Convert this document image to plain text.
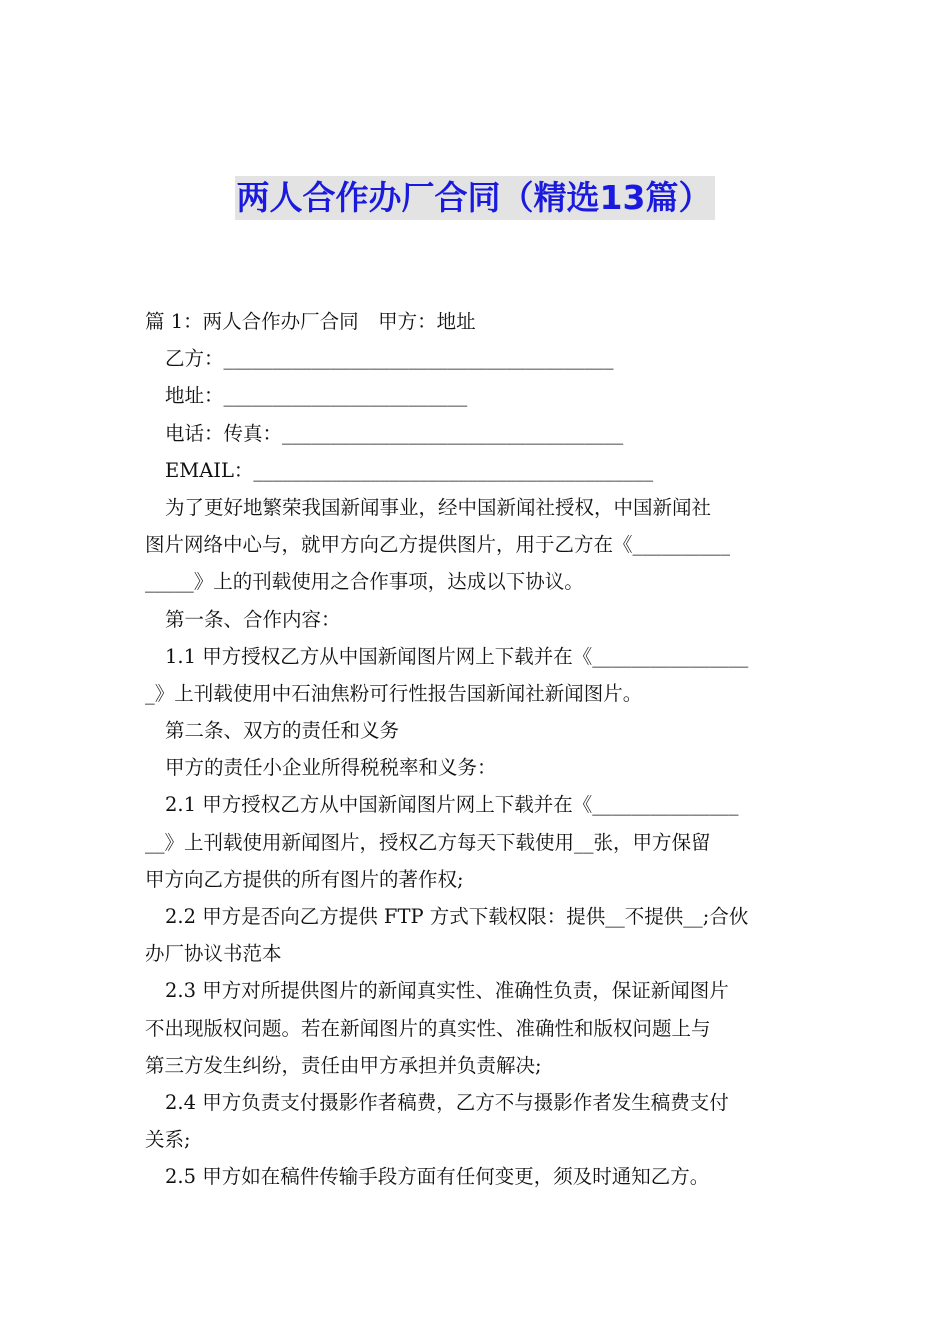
两人合作办厂合同（精选13篇）
篇 1：两人合作办厂合同　甲方：地址
乙方：________________________________________
地址：_________________________
电话：传真：___________________________________
EMAIL：_________________________________________
为了更好地繁荣我国新闻事业，经中国新闻社授权，中国新闻社
图片网络中心与，就甲方向乙方提供图片，用于乙方在《__________
_____》上的刊载使用之合作事项，达成以下协议。
第一条、合作内容：
1.1 甲方授权乙方从中国新闻图片网上下载并在《________________
_》上刊载使用中石油焦粉可行性报告国新闻社新闻图片。
第二条、双方的责任和义务
甲方的责任小企业所得税税率和义务：
2.1 甲方授权乙方从中国新闻图片网上下载并在《_______________
__》上刊载使用新闻图片，授权乙方每天下载使用__张，甲方保留
甲方向乙方提供的所有图片的著作权;
2.2 甲方是否向乙方提供 FTP 方式下载权限：提供__不提供__;合伙
办厂协议书范本
2.3 甲方对所提供图片的新闻真实性、准确性负责，保证新闻图片
不出现版权问题。若在新闻图片的真实性、准确性和版权问题上与
第三方发生纠纷，责任由甲方承担并负责解决;
2.4 甲方负责支付摄影作者稿费，乙方不与摄影作者发生稿费支付
关系;
2.5 甲方如在稿件传输手段方面有任何变更，须及时通知乙方。
